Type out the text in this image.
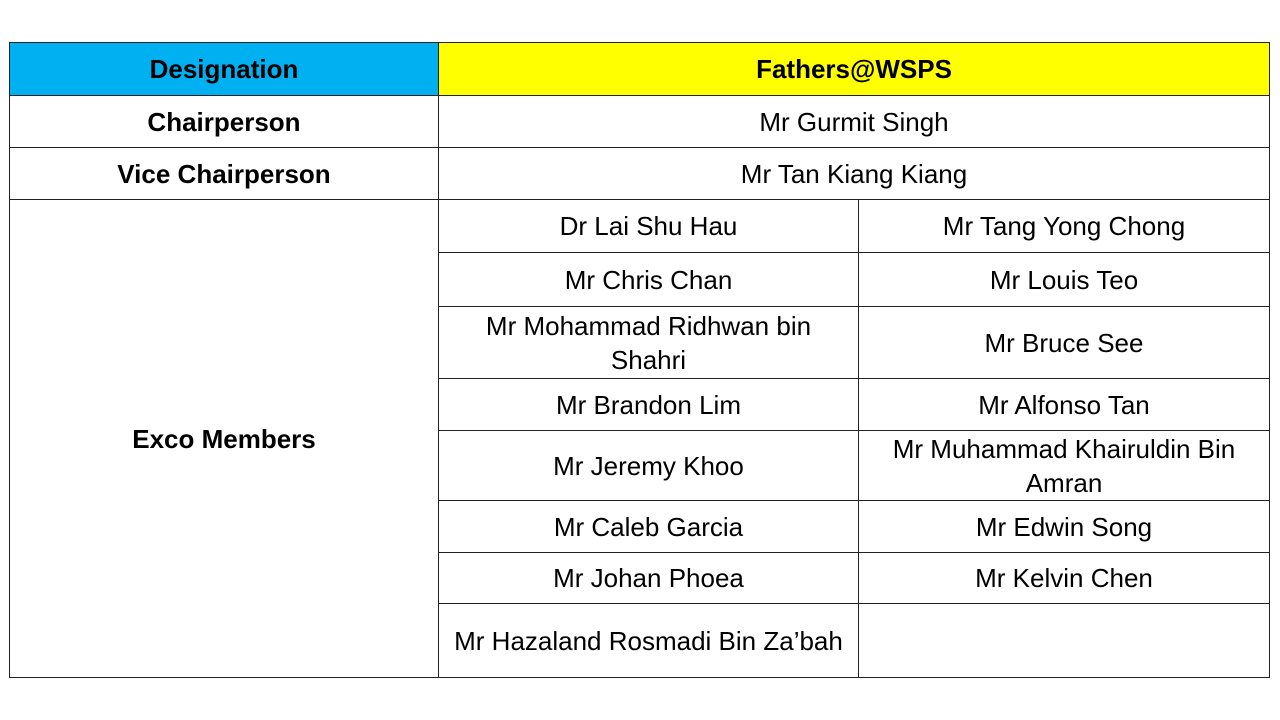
Designation	Fathers@WSPS	
Chairperson	Mr Gurmit Singh	
Vice Chairperson	Mr Tan Kiang Kiang	
Exco Members	Dr Lai Shu Hau	Mr Tang Yong Chong
	Mr Chris Chan	Mr Louis Teo
	Mr Mohammad Ridhwan bin Shahri	Mr Bruce See
	Mr Brandon Lim	Mr Alfonso Tan
	Mr Jeremy Khoo	Mr Muhammad Khairuldin Bin Amran
	Mr Caleb Garcia	Mr Edwin Song
	Mr Johan Phoea	Mr Kelvin Chen
	Mr Hazaland Rosmadi Bin Za’bah	
